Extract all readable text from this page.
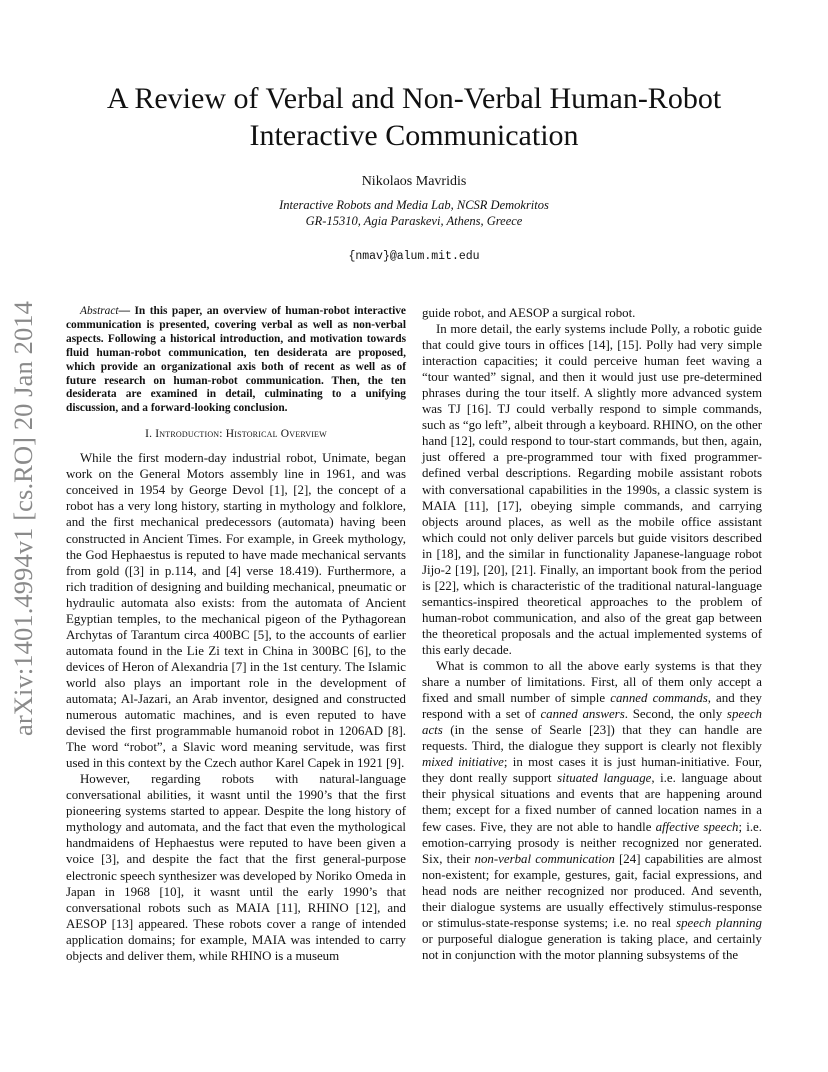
arXiv:1401.4994v1 [cs.RO] 20 Jan 2014
A Review of Verbal and Non-Verbal Human-Robot Interactive Communication
Nikolaos Mavridis
Interactive Robots and Media Lab, NCSR Demokritos
GR-15310, Agia Paraskevi, Athens, Greece
{nmav}@alum.mit.edu

Abstract— In this paper, an overview of human-robot interactive communication is presented, covering verbal as well as non-verbal aspects. Following a historical introduction, and motivation towards fluid human-robot communication, ten desiderata are proposed, which provide an organizational axis both of recent as well as of future research on human-robot communication. Then, the ten desiderata are examined in detail, culminating to a unifying discussion, and a forward-looking conclusion.

I. Introduction: Historical Overview

While the first modern-day industrial robot, Unimate, began work on the General Motors assembly line in 1961, and was conceived in 1954 by George Devol [1], [2], the concept of a robot has a very long history, starting in mythology and folklore, and the first mechanical predecessors (automata) having been constructed in Ancient Times. For example, in Greek mythology, the God Hephaestus is reputed to have made mechanical servants from gold ([3] in p.114, and [4] verse 18.419). Furthermore, a rich tradition of designing and building mechanical, pneumatic or hydraulic automata also exists: from the automata of Ancient Egyptian temples, to the mechanical pigeon of the Pythagorean Archytas of Tarantum circa 400BC [5], to the accounts of earlier automata found in the Lie Zi text in China in 300BC [6], to the devices of Heron of Alexandria [7] in the 1st century. The Islamic world also plays an important role in the development of automata; Al-Jazari, an Arab inventor, designed and constructed numerous automatic machines, and is even reputed to have devised the first programmable humanoid robot in 1206AD [8]. The word “robot”, a Slavic word meaning servitude, was first used in this context by the Czech author Karel Capek in 1921 [9].

However, regarding robots with natural-language conversational abilities, it wasnt until the 1990’s that the first pioneering systems started to appear. Despite the long history of mythology and automata, and the fact that even the mythological handmaidens of Hephaestus were reputed to have been given a voice [3], and despite the fact that the first general-purpose electronic speech synthesizer was developed by Noriko Omeda in Japan in 1968 [10], it wasnt until the early 1990’s that conversational robots such as MAIA [11], RHINO [12], and AESOP [13] appeared. These robots cover a range of intended application domains; for example, MAIA was intended to carry objects and deliver them, while RHINO is a museum

guide robot, and AESOP a surgical robot.

In more detail, the early systems include Polly, a robotic guide that could give tours in offices [14], [15]. Polly had very simple interaction capacities; it could perceive human feet waving a “tour wanted” signal, and then it would just use pre-determined phrases during the tour itself. A slightly more advanced system was TJ [16]. TJ could verbally respond to simple commands, such as “go left”, albeit through a keyboard. RHINO, on the other hand [12], could respond to tour-start commands, but then, again, just offered a pre-programmed tour with fixed programmer-defined verbal descriptions. Regarding mobile assistant robots with conversational capabilities in the 1990s, a classic system is MAIA [11], [17], obeying simple commands, and carrying objects around places, as well as the mobile office assistant which could not only deliver parcels but guide visitors described in [18], and the similar in functionality Japanese-language robot Jijo-2 [19], [20], [21]. Finally, an important book from the period is [22], which is characteristic of the traditional natural-language semantics-inspired theoretical approaches to the problem of human-robot communication, and also of the great gap between the theoretical proposals and the actual implemented systems of this early decade.

What is common to all the above early systems is that they share a number of limitations. First, all of them only accept a fixed and small number of simple canned commands, and they respond with a set of canned answers. Second, the only speech acts (in the sense of Searle [23]) that they can handle are requests. Third, the dialogue they support is clearly not flexibly mixed initiative; in most cases it is just human-initiative. Four, they dont really support situated language, i.e. language about their physical situations and events that are happening around them; except for a fixed number of canned location names in a few cases. Five, they are not able to handle affective speech; i.e. emotion-carrying prosody is neither recognized nor generated. Six, their non-verbal communication [24] capabilities are almost non-existent; for example, gestures, gait, facial expressions, and head nods are neither recognized nor produced. And seventh, their dialogue systems are usually effectively stimulus-response or stimulus-state-response systems; i.e. no real speech planning or purposeful dialogue generation is taking place, and certainly not in conjunction with the motor planning subsystems of the
